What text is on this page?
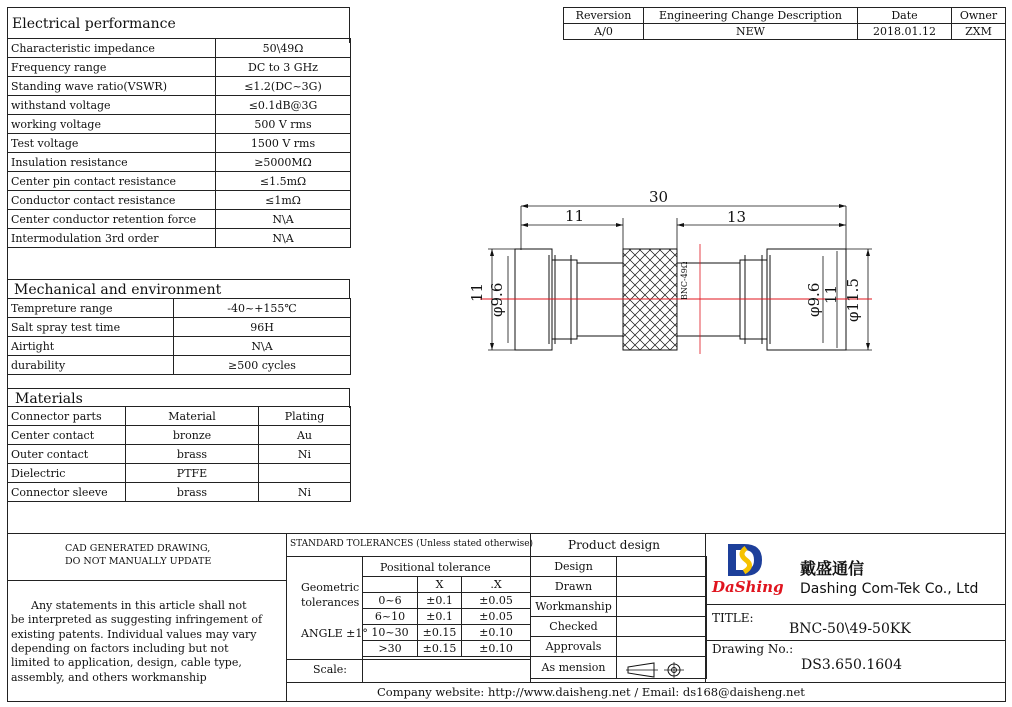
Electrical performance
Characteristic impedance	50\49Ω
Frequency range	DC to 3 GHz
Standing wave ratio(VSWR)	≤1.2(DC~3G)
withstand voltage	≤0.1dB@3G
working voltage	500 V rms
Test voltage	1500 V rms
Insulation resistance	≥5000MΩ
Center pin contact resistance	≤1.5mΩ
Conductor contact resistance	≤1mΩ
Center conductor retention force	N\A
Intermodulation 3rd order	N\A
Mechanical and environment
Tempreture range	-40~+155℃
Salt spray test time	96H
Airtight	N\A
durability	≥500 cycles
Materials
Connector parts	Material	Plating
Center contact	bronze	Au
Outer contact	brass	Ni
Dielectric	PTFE	
Connector sleeve	brass	Ni
Reversion	Engineering Change Description	Date	Owner
A/0	NEW	2018.01.12	ZXM
30
11	13
11 φ9.6	φ9.6 11 φ11.5
BNC-49Ω
CAD GENERATED DRAWING,
DO NOT MANUALLY UPDATE
Any statements in this article shall not
be interpreted as suggesting infringement of
existing patents. Individual values may vary
depending on factors including but not
limited to application, design, cable type,
assembly, and others workmanship
STANDARD TOLERANCES (Unless stated otherwise)
Positional tolerance
Geometric
tolerances
ANGLE ±1°
	X	.X
0~6	±0.1	±0.05
6~10	±0.1	±0.05
10~30	±0.15	±0.10
>30	±0.15	±0.10
Scale:
Product design
Design	
Drawn	
Workmanship	
Checked	
Approvals	
As mension	
DaShing
戴盛通信
Dashing Com-Tek Co., Ltd
TITLE:
BNC-50\49-50KK
Drawing No.:
DS3.650.1604
Company website: http://www.daisheng.net / Email: ds168@daisheng.net
